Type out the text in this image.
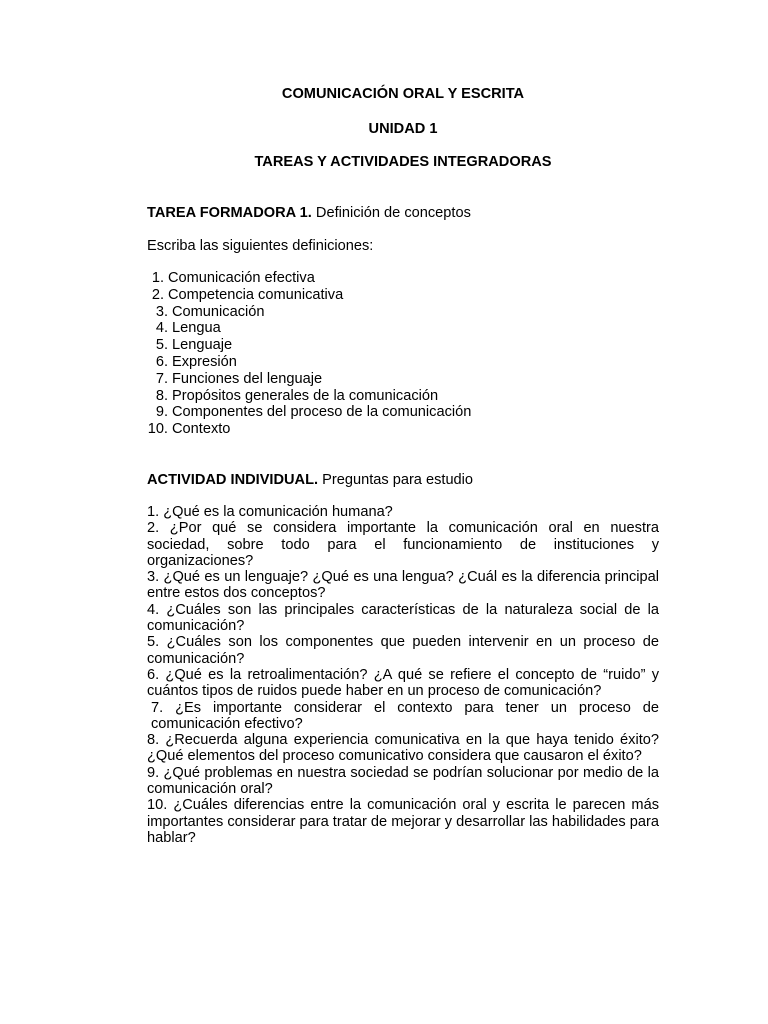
COMUNICACIÓN ORAL Y ESCRITA
UNIDAD 1
TAREAS Y ACTIVIDADES INTEGRADORAS

TAREA FORMADORA 1. Definición de conceptos

Escriba las siguientes definiciones:

1. Comunicación efectiva
2. Competencia comunicativa
3. Comunicación
4. Lengua
5. Lenguaje
6. Expresión
7. Funciones del lenguaje
8. Propósitos generales de la comunicación
9. Componentes del proceso de la comunicación
10. Contexto

ACTIVIDAD INDIVIDUAL. Preguntas para estudio

1. ¿Qué es la comunicación humana?
2. ¿Por qué se considera importante la comunicación oral en nuestra sociedad, sobre todo para el funcionamiento de instituciones y organizaciones?
3. ¿Qué es un lenguaje? ¿Qué es una lengua? ¿Cuál es la diferencia principal entre estos dos conceptos?
4. ¿Cuáles son las principales características de la naturaleza social de la comunicación?
5. ¿Cuáles son los componentes que pueden intervenir en un proceso de comunicación?
6. ¿Qué es la retroalimentación? ¿A qué se refiere el concepto de “ruido” y cuántos tipos de ruidos puede haber en un proceso de comunicación?
7. ¿Es importante considerar el contexto para tener un proceso de comunicación efectivo?
8. ¿Recuerda alguna experiencia comunicativa en la que haya tenido éxito? ¿Qué elementos del proceso comunicativo considera que causaron el éxito?
9. ¿Qué problemas en nuestra sociedad se podrían solucionar por medio de la comunicación oral?
10. ¿Cuáles diferencias entre la comunicación oral y escrita le parecen más importantes considerar para tratar de mejorar y desarrollar las habilidades para hablar?
